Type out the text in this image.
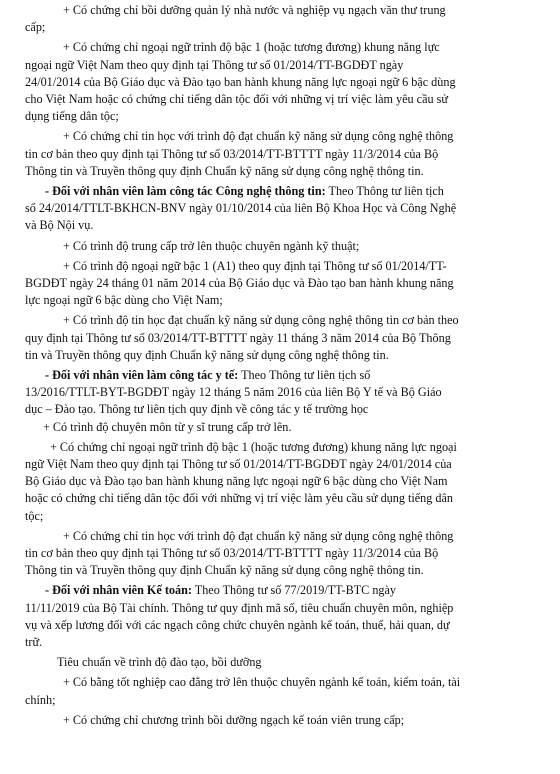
+ Có chứng chỉ bồi dưỡng quản lý nhà nước và nghiệp vụ ngạch văn thư trung
cấp;
+ Có chứng chỉ ngoại ngữ trình độ bậc 1 (hoặc tương đương) khung năng lực
ngoại ngữ Việt Nam theo quy định tại Thông tư số 01/2014/TT-BGDĐT ngày
24/01/2014 của Bộ Giáo dục và Đào tạo ban hành khung năng lực ngoại ngữ 6 bậc dùng
cho Việt Nam hoặc có chứng chỉ tiếng dân tộc đối với những vị trí việc làm yêu cầu sử
dụng tiếng dân tộc;
+ Có chứng chỉ tin học với trình độ đạt chuẩn kỹ năng sử dụng công nghệ thông
tin cơ bản theo quy định tại Thông tư số 03/2014/TT-BTTTT ngày 11/3/2014 của Bộ
Thông tin và Truyền thông quy định Chuẩn kỹ năng sử dụng công nghệ thông tin.
- Đối với nhân viên làm công tác Công nghệ thông tin: Theo Thông tư liên tịch
số 24/2014/TTLT-BKHCN-BNV ngày 01/10/2014 của liên Bộ Khoa Học và Công Nghệ
và Bộ Nội vụ.
+ Có trình độ trung cấp trở lên thuộc chuyên ngành kỹ thuật;
+ Có trình độ ngoại ngữ bậc 1 (A1) theo quy định tại Thông tư số 01/2014/TT-
BGDĐT ngày 24 tháng 01 năm 2014 của Bộ Giáo dục và Đào tạo ban hành khung năng
lực ngoại ngữ 6 bậc dùng cho Việt Nam;
+ Có trình độ tin học đạt chuẩn kỹ năng sử dụng công nghệ thông tin cơ bản theo
quy định tại Thông tư số 03/2014/TT-BTTTT ngày 11 tháng 3 năm 2014 của Bộ Thông
tin và Truyền thông quy định Chuẩn kỹ năng sử dụng công nghệ thông tin.
- Đối với nhân viên làm công tác y tế: Theo Thông tư liên tịch số
13/2016/TTLT-BYT-BGDĐT ngày 12 tháng 5 năm 2016 của liên Bộ Y tế và Bộ Giáo
dục – Đào tạo. Thông tư liên tịch quy định về công tác y tế trường học
+ Có trình độ chuyên môn từ y sĩ trung cấp trở lên.
+ Có chứng chỉ ngoại ngữ trình độ bậc 1 (hoặc tương đương) khung năng lực ngoại
ngữ Việt Nam theo quy định tại Thông tư số 01/2014/TT-BGDĐT ngày 24/01/2014 của
Bộ Giáo dục và Đào tạo ban hành khung năng lực ngoại ngữ 6 bậc dùng cho Việt Nam
hoặc có chứng chỉ tiếng dân tộc đối với những vị trí việc làm yêu cầu sử dụng tiếng dân
tộc;
+ Có chứng chỉ tin học với trình độ đạt chuẩn kỹ năng sử dụng công nghệ thông
tin cơ bản theo quy định tại Thông tư số 03/2014/TT-BTTTT ngày 11/3/2014 của Bộ
Thông tin và Truyền thông quy định Chuẩn kỹ năng sử dụng công nghệ thông tin.
- Đối với nhân viên Kế toán: Theo Thông tư số 77/2019/TT-BTC ngày
11/11/2019 của Bộ Tài chính. Thông tư quy định mã số, tiêu chuẩn chuyên môn, nghiệp
vụ và xếp lương đối với các ngạch công chức chuyên ngành kế toán, thuế, hải quan, dự
trữ.
Tiêu chuẩn về trình độ đào tạo, bồi dưỡng
+ Có bằng tốt nghiệp cao đẳng trở lên thuộc chuyên ngành kế toán, kiểm toán, tài
chính;
+ Có chứng chỉ chương trình bồi dưỡng ngạch kế toán viên trung cấp;
